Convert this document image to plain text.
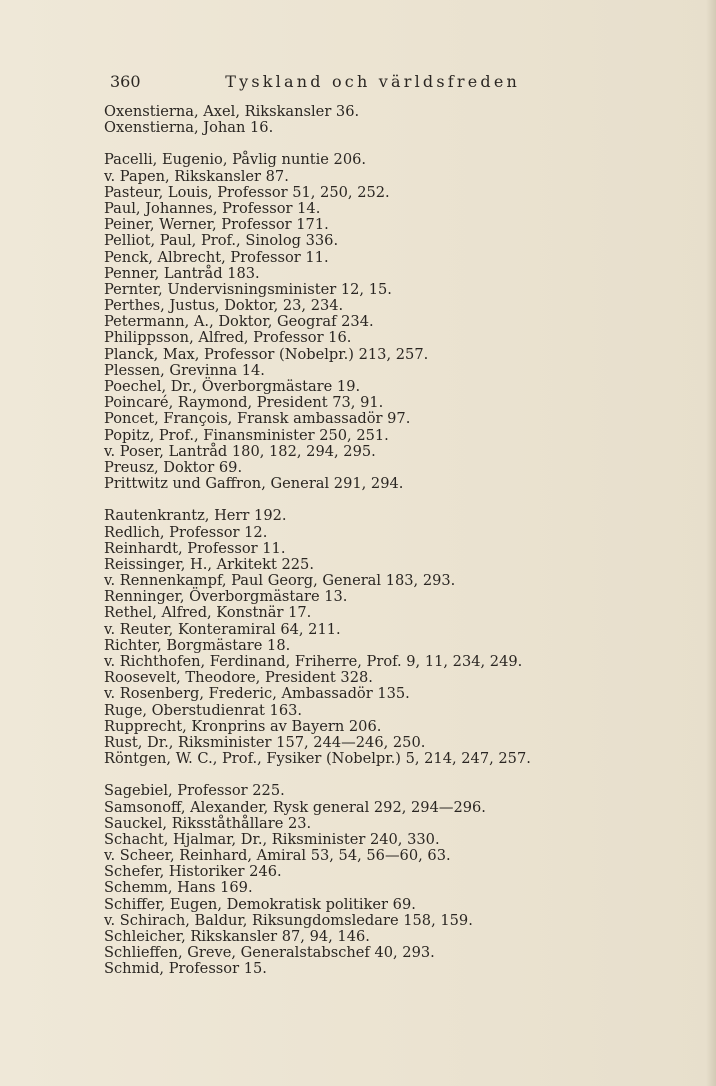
360	Tyskland och världsfreden
Oxenstierna, Axel, Rikskansler 36.
Oxenstierna, Johan 16.
Pacelli, Eugenio, Påvlig nuntie 206.
v. Papen, Rikskansler 87.
Pasteur, Louis, Professor 51, 250, 252.
Paul, Johannes, Professor 14.
Peiner, Werner, Professor 171.
Pelliot, Paul, Prof., Sinolog 336.
Penck, Albrecht, Professor 11.
Penner, Lantråd 183.
Pernter, Undervisningsminister 12, 15.
Perthes, Justus, Doktor, 23, 234.
Petermann, A., Doktor, Geograf 234.
Philippsson, Alfred, Professor 16.
Planck, Max, Professor (Nobelpr.) 213, 257.
Plessen, Grevinna 14.
Poechel, Dr., Överborgmästare 19.
Poincaré, Raymond, President 73, 91.
Poncet, François, Fransk ambassadör 97.
Popitz, Prof., Finansminister 250, 251.
v. Poser, Lantråd 180, 182, 294, 295.
Preusz, Doktor 69.
Prittwitz und Gaffron, General 291, 294.
Rautenkrantz, Herr 192.
Redlich, Professor 12.
Reinhardt, Professor 11.
Reissinger, H., Arkitekt 225.
v. Rennenkampf, Paul Georg, General 183, 293.
Renninger, Överborgmästare 13.
Rethel, Alfred, Konstnär 17.
v. Reuter, Konteramiral 64, 211.
Richter, Borgmästare 18.
v. Richthofen, Ferdinand, Friherre, Prof. 9, 11, 234, 249.
Roosevelt, Theodore, President 328.
v. Rosenberg, Frederic, Ambassadör 135.
Ruge, Oberstudienrat 163.
Rupprecht, Kronprins av Bayern 206.
Rust, Dr., Riksminister 157, 244—246, 250.
Röntgen, W. C., Prof., Fysiker (Nobelpr.) 5, 214, 247, 257.
Sagebiel, Professor 225.
Samsonoff, Alexander, Rysk general 292, 294—296.
Sauckel, Riksståthållare 23.
Schacht, Hjalmar, Dr., Riksminister 240, 330.
v. Scheer, Reinhard, Amiral 53, 54, 56—60, 63.
Schefer, Historiker 246.
Schemm, Hans 169.
Schiffer, Eugen, Demokratisk politiker 69.
v. Schirach, Baldur, Riksungdomsledare 158, 159.
Schleicher, Rikskansler 87, 94, 146.
Schlieffen, Greve, Generalstabschef 40, 293.
Schmid, Professor 15.
